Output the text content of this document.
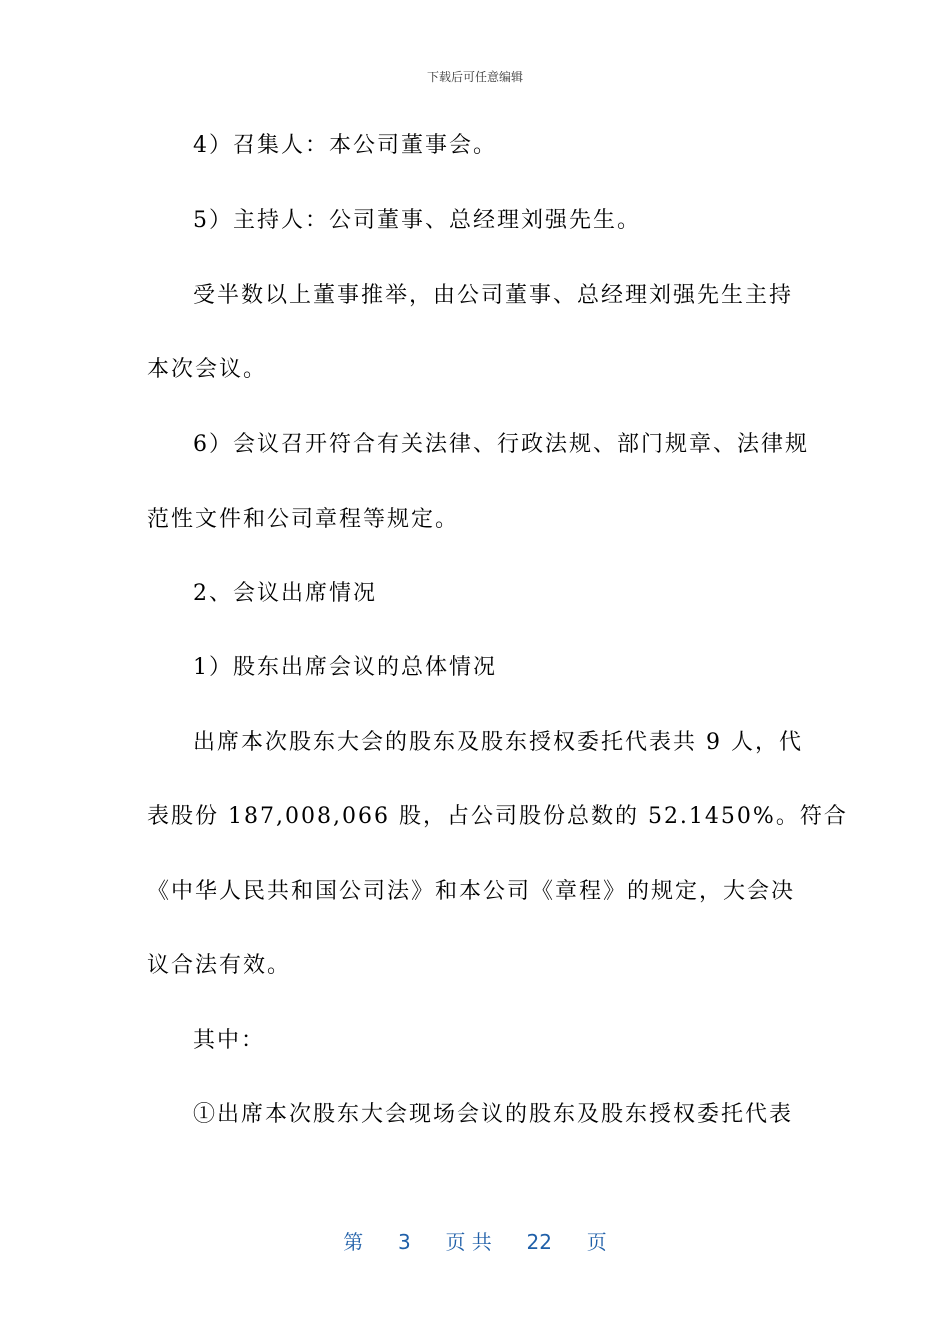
下载后可任意编辑
4）召集人：本公司董事会。
5）主持人：公司董事、总经理刘强先生。
受半数以上董事推举，由公司董事、总经理刘强先生主持
本次会议。
6）会议召开符合有关法律、行政法规、部门规章、法律规
范性文件和公司章程等规定。
2、会议出席情况
1）股东出席会议的总体情况
出席本次股东大会的股东及股东授权委托代表共 9 人，代
表股份 187,008,066 股，占公司股份总数的 52.1450%。符合
《中华人民共和国公司法》和本公司《章程》的规定，大会决
议合法有效。
其中：
①出席本次股东大会现场会议的股东及股东授权委托代表
第 3 页 共 22 页
